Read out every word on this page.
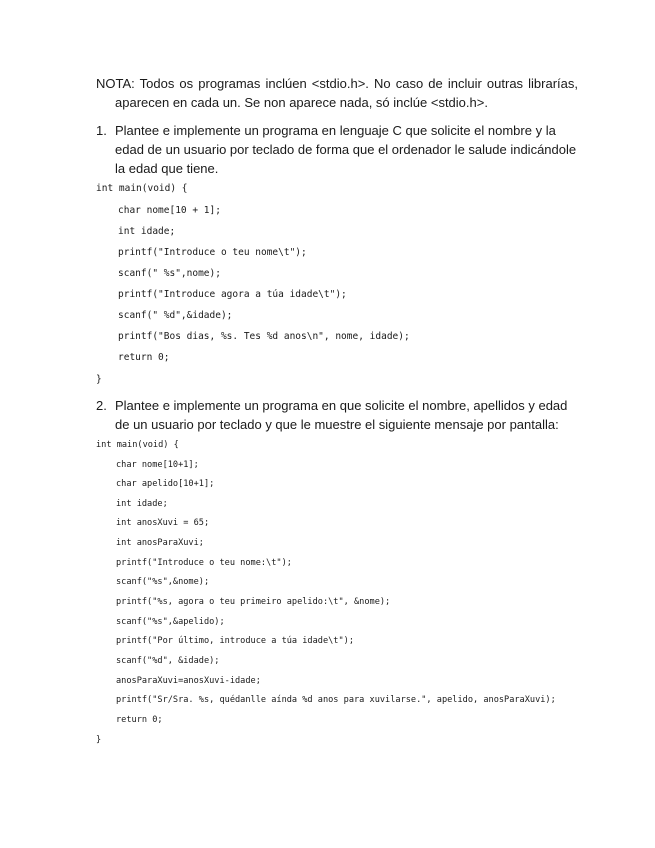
NOTA: Todos os programas inclúen <stdio.h>. No caso de incluir outras librarías, aparecen en cada un. Se non aparece nada, só inclúe <stdio.h>.
1. Plantee e implemente un programa en lenguaje C que solicite el nombre y la edad de un usuario por teclado de forma que el ordenador le salude indicándole la edad que tiene.

int main(void) {

char nome[10 + 1];

int idade;

printf("Introduce o teu nome\t");

scanf(" %s",nome);

printf("Introduce agora a túa idade\t");

scanf(" %d",&idade);

printf("Bos dias, %s. Tes %d anos\n", nome, idade);

return 0;

}

2. Plantee e implemente un programa en que solicite el nombre, apellidos y edad de un usuario por teclado y que le muestre el siguiente mensaje por pantalla:

int main(void) {

char nome[10+1];

char apelido[10+1];

int idade;

int anosXuvi = 65;

int anosParaXuvi;

printf("Introduce o teu nome:\t");

scanf("%s",&nome);

printf("%s, agora o teu primeiro apelido:\t", &nome);

scanf("%s",&apelido);

printf("Por último, introduce a túa idade\t");

scanf("%d", &idade);

anosParaXuvi=anosXuvi-idade;

printf("Sr/Sra. %s, quédanlle aínda %d anos para xuvilarse.", apelido, anosParaXuvi);

return 0;

}
